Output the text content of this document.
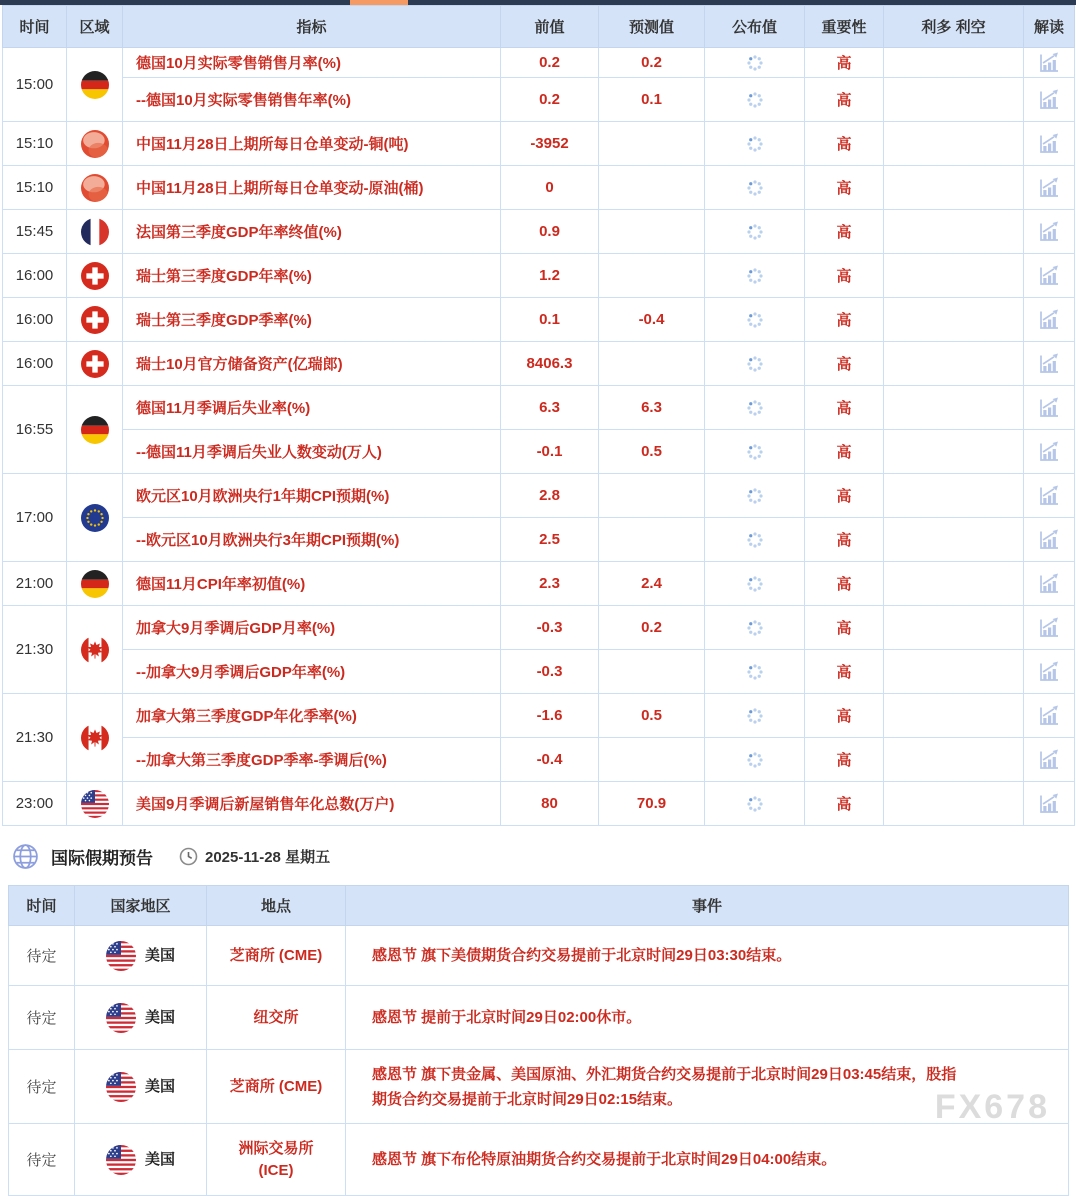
时间	区域	指标	前值	预测值	公布值	重要性	利多 利空	解读
15:00		德国10月实际零售销售月率(%)	0.2	0.2		高		
		--德国10月实际零售销售年率(%)	0.2	0.1		高		
15:10		中国11月28日上期所每日仓单变动-铜(吨)	-3952			高		
15:10		中国11月28日上期所每日仓单变动-原油(桶)	0			高		
15:45		法国第三季度GDP年率终值(%)	0.9			高		
16:00		瑞士第三季度GDP年率(%)	1.2			高		
16:00		瑞士第三季度GDP季率(%)	0.1	-0.4		高		
16:00		瑞士10月官方储备资产(亿瑞郎)	8406.3			高		
16:55		德国11月季调后失业率(%)	6.3	6.3		高		
		--德国11月季调后失业人数变动(万人)	-0.1	0.5		高		
17:00		欧元区10月欧洲央行1年期CPI预期(%)	2.8			高		
		--欧元区10月欧洲央行3年期CPI预期(%)	2.5			高		
21:00		德国11月CPI年率初值(%)	2.3	2.4		高		
21:30		加拿大9月季调后GDP月率(%)	-0.3	0.2		高		
		--加拿大9月季调后GDP年率(%)	-0.3			高		
21:30		加拿大第三季度GDP年化季率(%)	-1.6	0.5		高		
		--加拿大第三季度GDP季率-季调后(%)	-0.4			高		
23:00		美国9月季调后新屋销售年化总数(万户)	80	70.9		高		
国际假期预告	2025-11-28 星期五
时间	国家地区	地点	事件
待定	美国	芝商所 (CME)	感恩节 旗下美债期货合约交易提前于北京时间29日03:30结束。
待定	美国	纽交所	感恩节 提前于北京时间29日02:00休市。
待定	美国	芝商所 (CME)	感恩节 旗下贵金属、美国原油、外汇期货合约交易提前于北京时间29日03:45结束，股指期货合约交易提前于北京时间29日02:15结束。
待定	美国	洲际交易所 (ICE)	感恩节 旗下布伦特原油期货合约交易提前于北京时间29日04:00结束。
FX678
